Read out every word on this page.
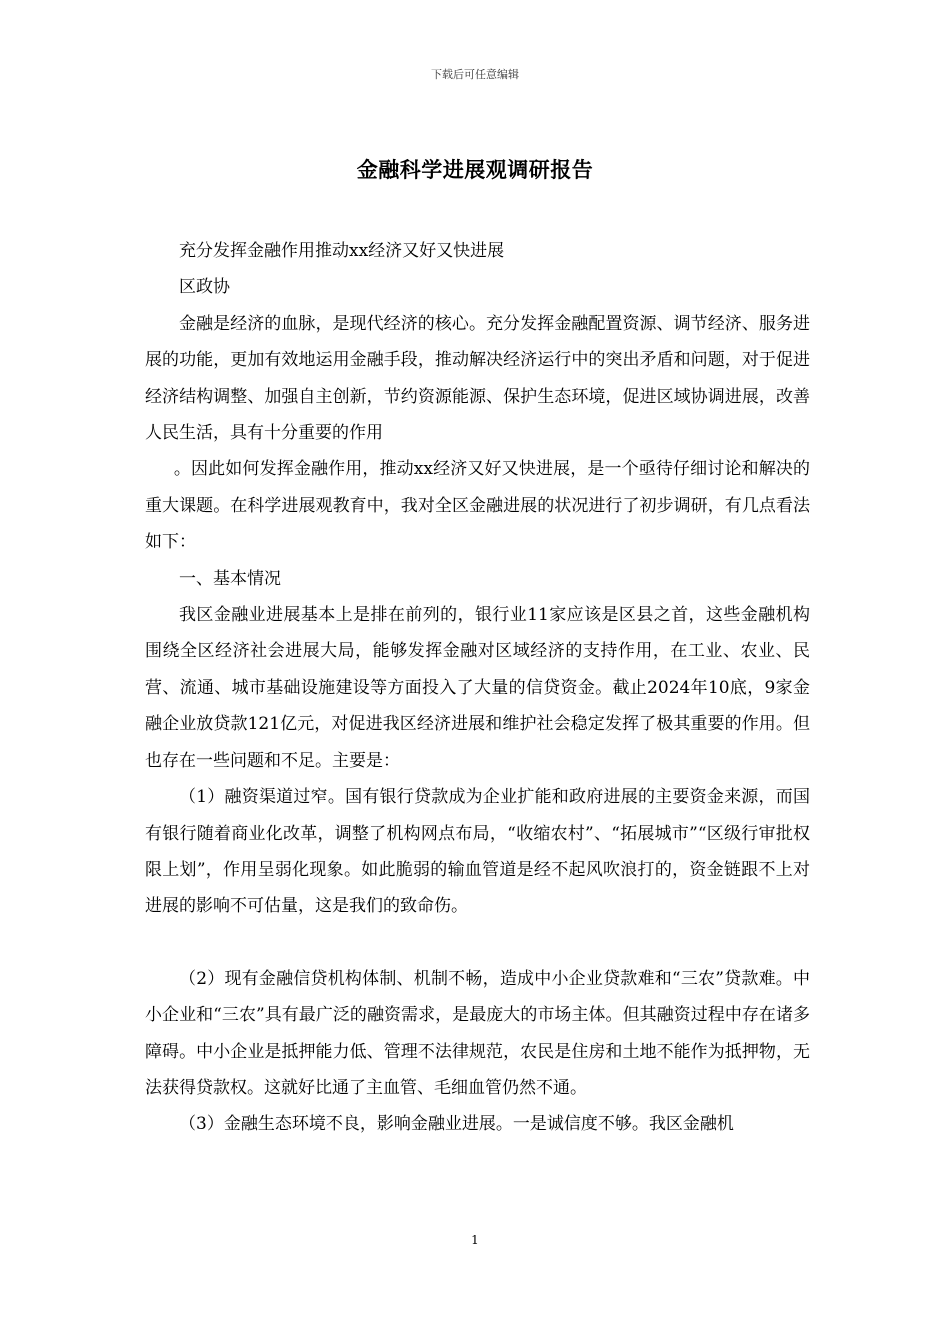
下载后可任意编辑
金融科学进展观调研报告

充分发挥金融作用推动xx经济又好又快进展

区政协

金融是经济的血脉，是现代经济的核心。充分发挥金融配置资源、调节经济、服务进展的功能，更加有效地运用金融手段，推动解决经济运行中的突出矛盾和问题，对于促进经济结构调整、加强自主创新，节约资源能源、保护生态环境，促进区域协调进展，改善人民生活，具有十分重要的作用

。因此如何发挥金融作用，推动xx经济又好又快进展，是一个亟待仔细讨论和解决的重大课题。在科学进展观教育中，我对全区金融进展的状况进行了初步调研，有几点看法如下：

一、基本情况

我区金融业进展基本上是排在前列的，银行业11家应该是区县之首，这些金融机构围绕全区经济社会进展大局，能够发挥金融对区域经济的支持作用，在工业、农业、民营、流通、城市基础设施建设等方面投入了大量的信贷资金。截止2024年10底，9家金融企业放贷款121亿元，对促进我区经济进展和维护社会稳定发挥了极其重要的作用。但也存在一些问题和不足。主要是：

（1）融资渠道过窄。国有银行贷款成为企业扩能和政府进展的主要资金来源，而国有银行随着商业化改革，调整了机构网点布局，“收缩农村”、“拓展城市”“区级行审批权限上划”，作用呈弱化现象。如此脆弱的输血管道是经不起风吹浪打的，资金链跟不上对进展的影响不可估量，这是我们的致命伤。

（2）现有金融信贷机构体制、机制不畅，造成中小企业贷款难和“三农”贷款难。中小企业和“三农”具有最广泛的融资需求，是最庞大的市场主体。但其融资过程中存在诸多障碍。中小企业是抵押能力低、管理不法律规范，农民是住房和土地不能作为抵押物，无法获得贷款权。这就好比通了主血管、毛细血管仍然不通。

（3）金融生态环境不良，影响金融业进展。一是诚信度不够。我区金融机

1
